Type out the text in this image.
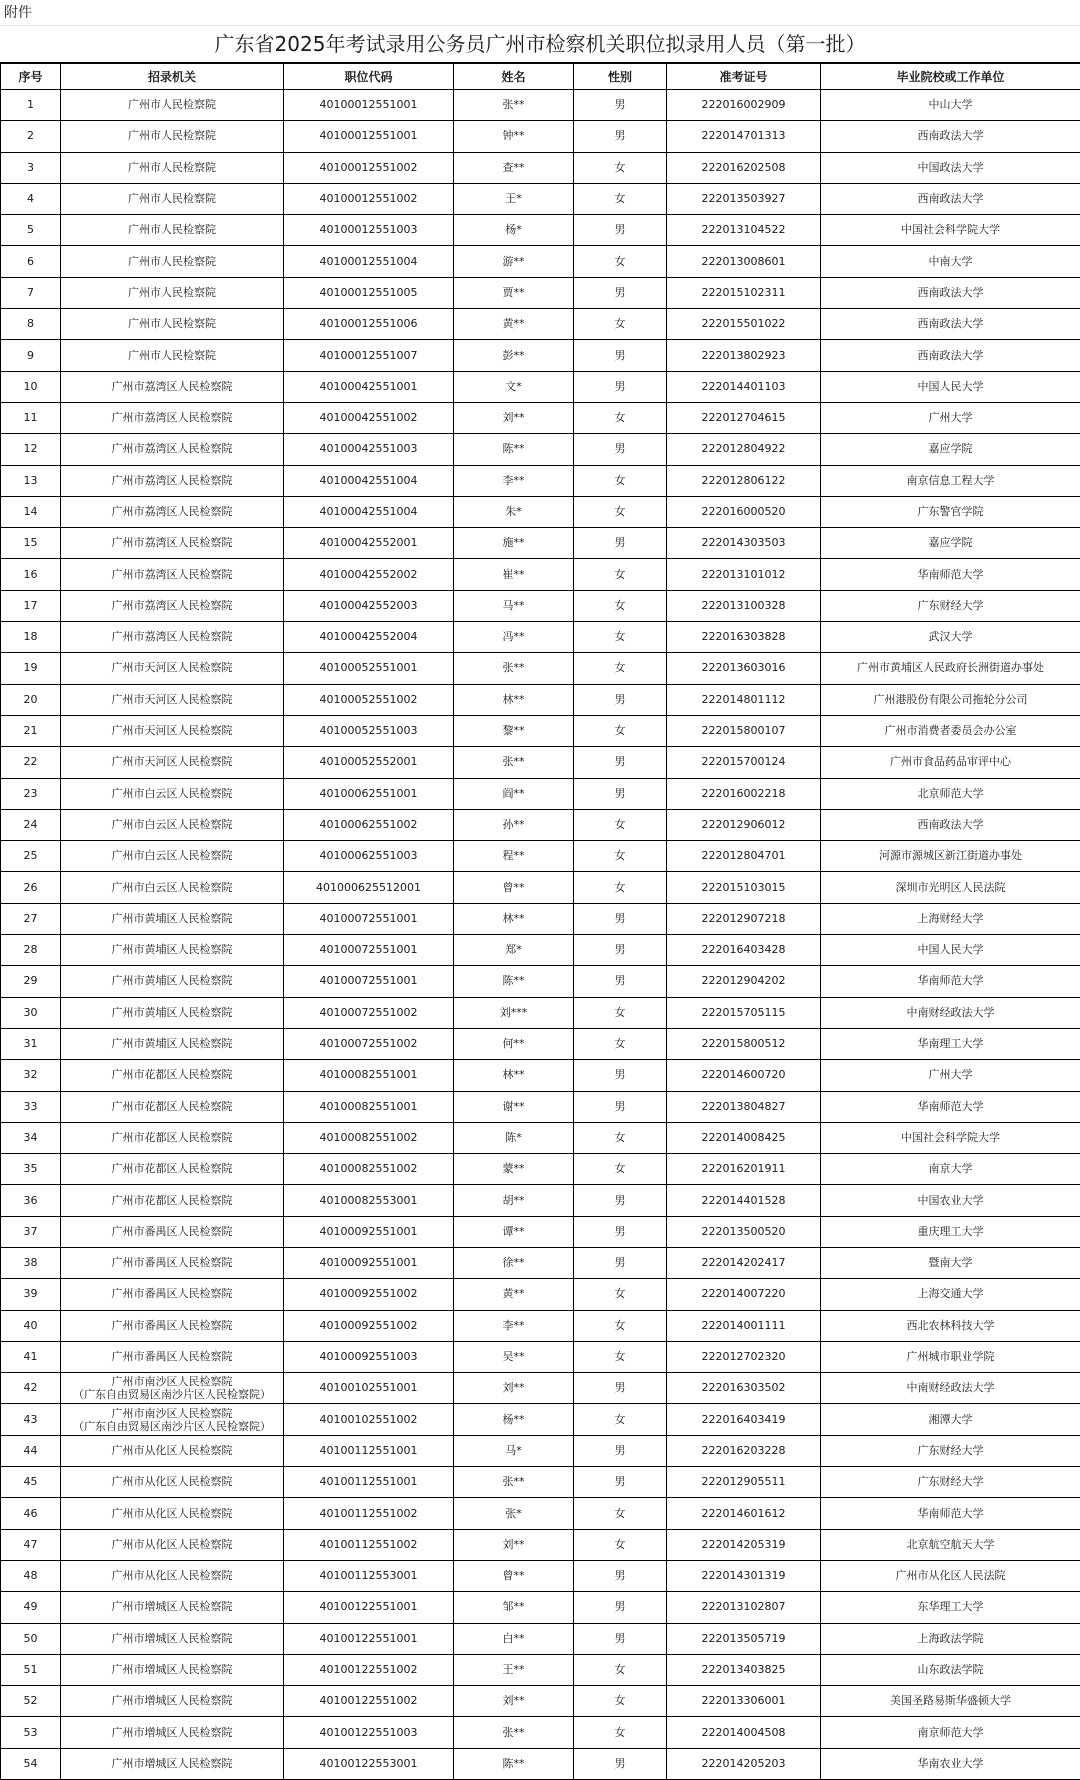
附件
广东省2025年考试录用公务员广州市检察机关职位拟录用人员（第一批）
序号	招录机关	职位代码	姓名	性别	准考证号	毕业院校或工作单位
1	广州市人民检察院	40100012551001	张**	男	222016002909	中山大学
2	广州市人民检察院	40100012551001	钟**	男	222014701313	西南政法大学
3	广州市人民检察院	40100012551002	查**	女	222016202508	中国政法大学
4	广州市人民检察院	40100012551002	王*	女	222013503927	西南政法大学
5	广州市人民检察院	40100012551003	杨*	男	222013104522	中国社会科学院大学
6	广州市人民检察院	40100012551004	游**	女	222013008601	中南大学
7	广州市人民检察院	40100012551005	贾**	男	222015102311	西南政法大学
8	广州市人民检察院	40100012551006	黄**	女	222015501022	西南政法大学
9	广州市人民检察院	40100012551007	彭**	男	222013802923	西南政法大学
10	广州市荔湾区人民检察院	40100042551001	文*	男	222014401103	中国人民大学
11	广州市荔湾区人民检察院	40100042551002	刘**	女	222012704615	广州大学
12	广州市荔湾区人民检察院	40100042551003	陈**	男	222012804922	嘉应学院
13	广州市荔湾区人民检察院	40100042551004	李**	女	222012806122	南京信息工程大学
14	广州市荔湾区人民检察院	40100042551004	朱*	女	222016000520	广东警官学院
15	广州市荔湾区人民检察院	40100042552001	施**	男	222014303503	嘉应学院
16	广州市荔湾区人民检察院	40100042552002	崔**	女	222013101012	华南师范大学
17	广州市荔湾区人民检察院	40100042552003	马**	女	222013100328	广东财经大学
18	广州市荔湾区人民检察院	40100042552004	冯**	女	222016303828	武汉大学
19	广州市天河区人民检察院	40100052551001	张**	女	222013603016	广州市黄埔区人民政府长洲街道办事处
20	广州市天河区人民检察院	40100052551002	林**	男	222014801112	广州港股份有限公司拖轮分公司
21	广州市天河区人民检察院	40100052551003	黎**	女	222015800107	广州市消费者委员会办公室
22	广州市天河区人民检察院	40100052552001	张**	男	222015700124	广州市食品药品审评中心
23	广州市白云区人民检察院	40100062551001	阎**	男	222016002218	北京师范大学
24	广州市白云区人民检察院	40100062551002	孙**	女	222012906012	西南政法大学
25	广州市白云区人民检察院	40100062551003	程**	女	222012804701	河源市源城区新江街道办事处
26	广州市白云区人民检察院	401000625512001	曾**	女	222015103015	深圳市光明区人民法院
27	广州市黄埔区人民检察院	40100072551001	林**	男	222012907218	上海财经大学
28	广州市黄埔区人民检察院	40100072551001	郑*	男	222016403428	中国人民大学
29	广州市黄埔区人民检察院	40100072551001	陈**	男	222012904202	华南师范大学
30	广州市黄埔区人民检察院	40100072551002	刘***	女	222015705115	中南财经政法大学
31	广州市黄埔区人民检察院	40100072551002	何**	女	222015800512	华南理工大学
32	广州市花都区人民检察院	40100082551001	林**	男	222014600720	广州大学
33	广州市花都区人民检察院	40100082551001	谢**	男	222013804827	华南师范大学
34	广州市花都区人民检察院	40100082551002	陈*	女	222014008425	中国社会科学院大学
35	广州市花都区人民检察院	40100082551002	蒙**	女	222016201911	南京大学
36	广州市花都区人民检察院	40100082553001	胡**	男	222014401528	中国农业大学
37	广州市番禺区人民检察院	40100092551001	谭**	男	222013500520	重庆理工大学
38	广州市番禺区人民检察院	40100092551001	徐**	男	222014202417	暨南大学
39	广州市番禺区人民检察院	40100092551002	黄**	女	222014007220	上海交通大学
40	广州市番禺区人民检察院	40100092551002	李**	女	222014001111	西北农林科技大学
41	广州市番禺区人民检察院	40100092551003	吴**	女	222012702320	广州城市职业学院
42	广州市南沙区人民检察院
（广东自由贸易区南沙片区人民检察院）	40100102551001	刘**	男	222016303502	中南财经政法大学
43	广州市南沙区人民检察院
（广东自由贸易区南沙片区人民检察院）	40100102551002	杨**	女	222016403419	湘潭大学
44	广州市从化区人民检察院	40100112551001	马*	男	222016203228	广东财经大学
45	广州市从化区人民检察院	40100112551001	张**	男	222012905511	广东财经大学
46	广州市从化区人民检察院	40100112551002	张*	女	222014601612	华南师范大学
47	广州市从化区人民检察院	40100112551002	刘**	女	222014205319	北京航空航天大学
48	广州市从化区人民检察院	40100112553001	曾**	男	222014301319	广州市从化区人民法院
49	广州市增城区人民检察院	40100122551001	邹**	男	222013102807	东华理工大学
50	广州市增城区人民检察院	40100122551001	白**	男	222013505719	上海政法学院
51	广州市增城区人民检察院	40100122551002	王**	女	222013403825	山东政法学院
52	广州市增城区人民检察院	40100122551002	刘**	女	222013306001	美国圣路易斯华盛顿大学
53	广州市增城区人民检察院	40100122551003	张**	女	222014004508	南京师范大学
54	广州市增城区人民检察院	40100122553001	陈**	男	222014205203	华南农业大学
